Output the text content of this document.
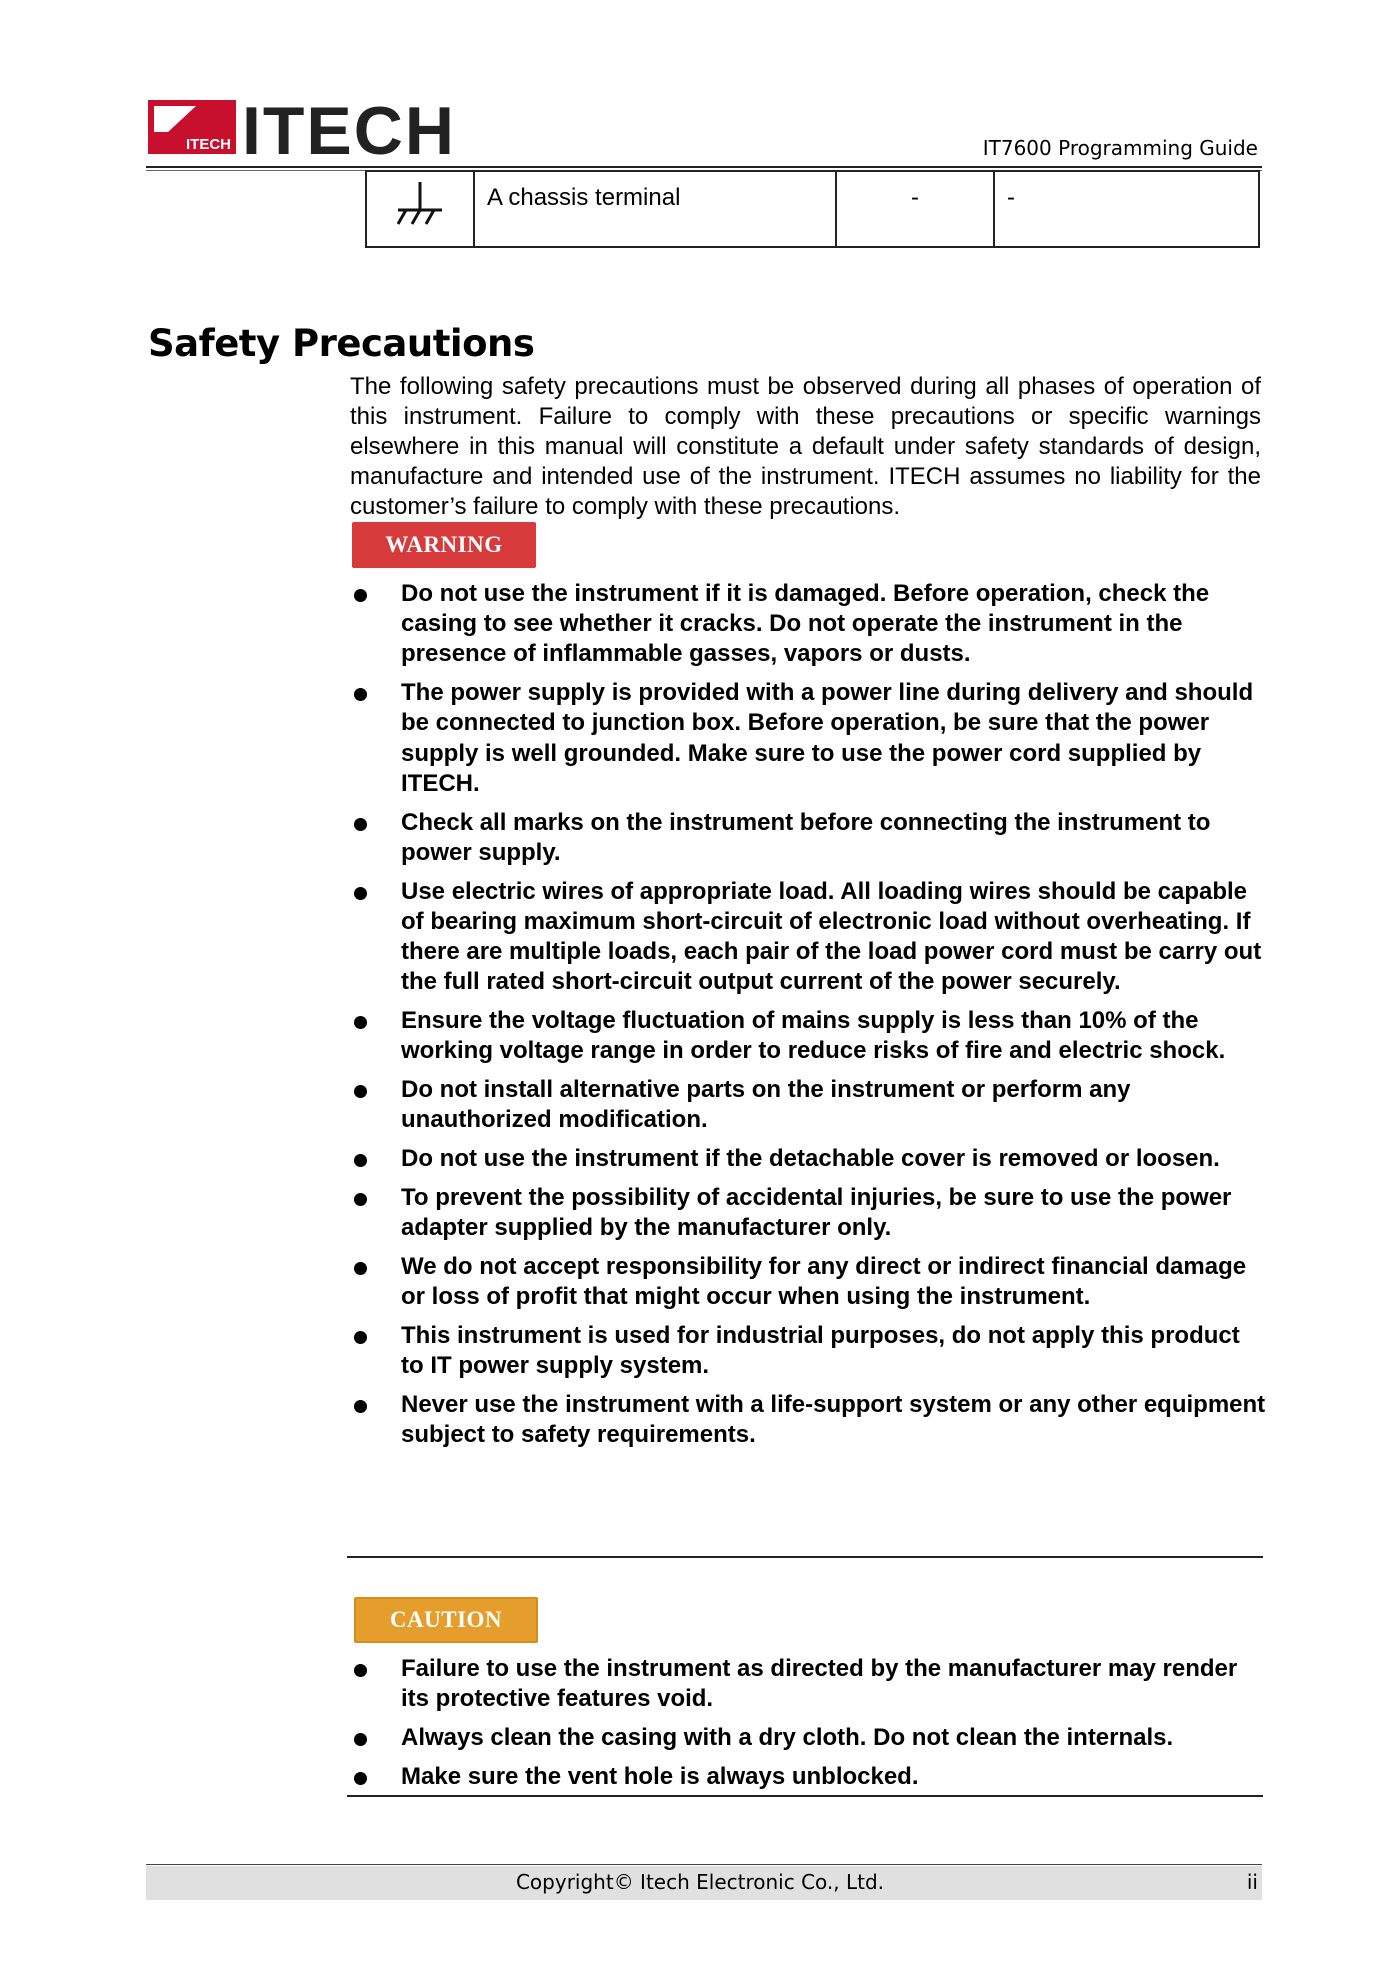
ITECH ITECH	IT7600 Programming Guide
	A chassis terminal	-	-
Safety Precautions
The following safety precautions must be observed during all phases of operation of this instrument. Failure to comply with these precautions or specific warnings elsewhere in this manual will constitute a default under safety standards of design, manufacture and intended use of the instrument. ITECH assumes no liability for the customer’s failure to comply with these precautions.
WARNING
Do not use the instrument if it is damaged. Before operation, check the casing to see whether it cracks. Do not operate the instrument in the presence of inflammable gasses, vapors or dusts.
The power supply is provided with a power line during delivery and should be connected to junction box. Before operation, be sure that the power supply is well grounded. Make sure to use the power cord supplied by ITECH.
Check all marks on the instrument before connecting the instrument to power supply.
Use electric wires of appropriate load. All loading wires should be capable of bearing maximum short-circuit of electronic load without overheating. If there are multiple loads, each pair of the load power cord must be carry out the full rated short-circuit output current of the power securely.
Ensure the voltage fluctuation of mains supply is less than 10% of the working voltage range in order to reduce risks of fire and electric shock.
Do not install alternative parts on the instrument or perform any unauthorized modification.
Do not use the instrument if the detachable cover is removed or loosen.
To prevent the possibility of accidental injuries, be sure to use the power adapter supplied by the manufacturer only.
We do not accept responsibility for any direct or indirect financial damage or loss of profit that might occur when using the instrument.
This instrument is used for industrial purposes, do not apply this product to IT power supply system.
Never use the instrument with a life-support system or any other equipment subject to safety requirements.
CAUTION
Failure to use the instrument as directed by the manufacturer may render its protective features void.
Always clean the casing with a dry cloth. Do not clean the internals.
Make sure the vent hole is always unblocked.
Copyright© Itech Electronic Co., Ltd.	ii
